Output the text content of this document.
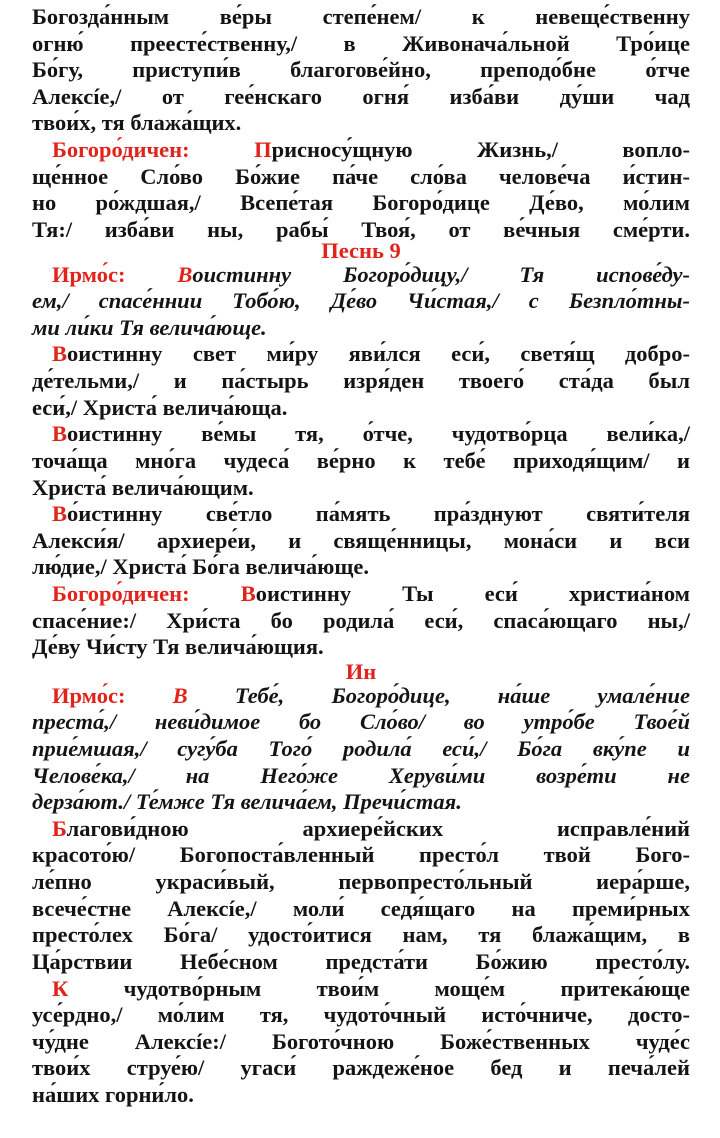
Богозда́нным ве́ры степе́нем/ к невеще́ственну
огню́ преесте́ственну,/ в Живонача́льной Тро́ице
Бо́гу, приступи́в благогове́йно, преподо́бне о́тче
Алексíе,/ от гее́нскаго огня́ изба́ви ду́ши чад
твои́х, тя блажа́щих.
Богоро́дичен:	Присносу́щную Жизнь,/ вопло-
ще́нное Сло́во Бо́жие па́че сло́ва челове́ча и́стин-
но ро́ждшая,/ Всепе́тая Богоро́дице Де́во, мо́лим
Тя:/ изба́ви ны, рабы́ Твоя́, от ве́чныя сме́рти.
Песнь 9
Ирмо́с: Воистинну Богоро́дицу,/ Тя испове́ду-
ем,/ спасе́ннии Тобо́ю, Де́во Чи́стая,/ с Безпло́тны-
ми ли́ки Тя велича́юще.
Воистинну свет ми́ру яви́лся еси́, светя́щ добро-
де́тельми,/ и па́стырь изря́ден твоего́ ста́да был
еси́,/ Христа́ велича́юща.
Воистинну ве́мы тя, о́тче, чудотво́рца вели́ка,/
точа́ща мно́га чудеса́ ве́рно к тебе́ приходя́щим/ и
Христа́ велича́ющим.
Во́истинну све́тло па́мять пра́зднуют святи́теля
Алекси́я/ архиере́и, и свяще́нницы, мона́си и вси
лю́дие,/ Христа́ Бо́га велича́юще.
Богоро́дичен: Воистинну Ты еси́ христиа́ном
спасе́ние:/ Хри́ста бо родила́ еси́, спаса́ющаго ны,/
Де́ву Чи́сту Тя велича́ющия.
Ин
Ирмо́с: В Тебе́, Богоро́дице, на́ше умале́ние
преста́,/ неви́димое бо Сло́во/ во утро́бе Твое́й
прие́мшая,/ сугу́ба Того́ родила́ еси́,/ Бо́га вку́пе и
Челове́ка,/ на Него́же Херуви́ми возре́ти не
дерза́ют./ Те́мже Тя велича́ем, Пречи́стая.
Благови́дною архиере́йских исправле́ний
красото́ю/ Богопоста́вленный престо́л твой Бого-
ле́пно украси́вый, первопресто́льный иера́рше,
всече́стне Алексíе,/ моли́ седя́щаго на преми́рных
престо́лех Бо́га/ удосто́итися нам, тя блажа́щим, в
Ца́рствии Небе́сном предста́ти Бо́жию престо́лу.
К чудотво́рным твои́м моще́м притека́юще
усе́рдно,/ мо́лим тя, чудото́чный исто́чниче, досто-
чу́дне Алексíе:/ Богото́чною Боже́ственных чуде́с
твои́х струе́ю/ угаси́ раждеже́ное бед и печа́лей
на́ших горни́ло.
